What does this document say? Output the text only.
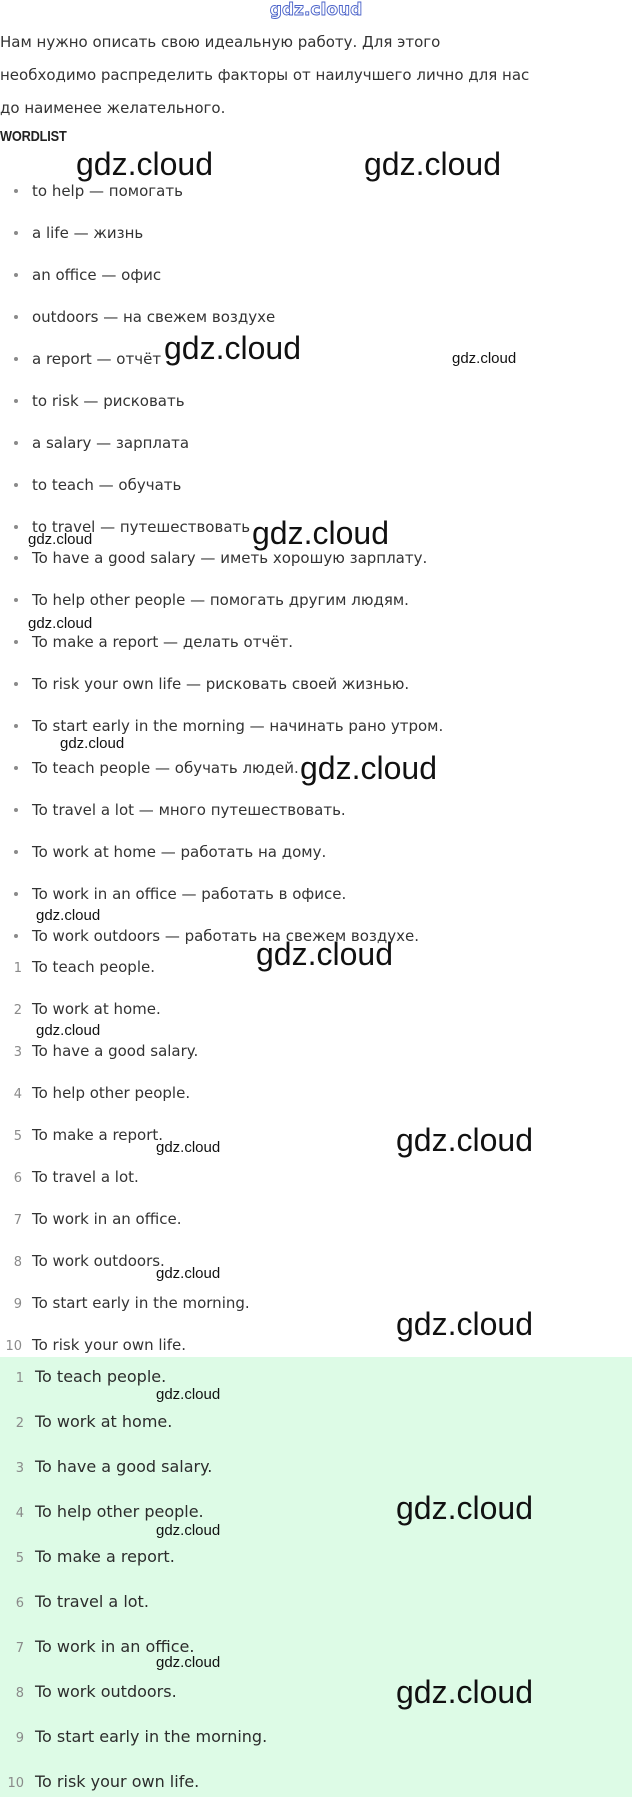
gdz.cloud

Нам нужно описать свою идеальную работу. Для этого необходимо распределить факторы от наилучшего лично для нас до наименее желательного.

WORDLIST
to help — помогать
a life — жизнь
an office — офис
outdoors — на свежем воздухе
a report — отчёт
to risk — рисковать
a salary — зарплата
to teach — обучать
to travel — путешествовать
To have a good salary — иметь хорошую зарплату.
To help other people — помогать другим людям.
To make a report — делать отчёт.
To risk your own life — рисковать своей жизнью.
To start early in the morning — начинать рано утром.
To teach people — обучать людей.
To travel a lot — много путешествовать.
To work at home — работать на дому.
To work in an office — работать в офисе.
To work outdoors — работать на свежем воздухе.
1 To teach people.
2 To work at home.
3 To have a good salary.
4 To help other people.
5 To make a report.
6 To travel a lot.
7 To work in an office.
8 To work outdoors.
9 To start early in the morning.
10 To risk your own life.
1 To teach people.
2 To work at home.
3 To have a good salary.
4 To help other people.
5 To make a report.
6 To travel a lot.
7 To work in an office.
8 To work outdoors.
9 To start early in the morning.
10 To risk your own life.
gdz.cloud	gdz.cloud
gdz.cloud	gdz.cloud
gdz.cloud	gdz.cloud
gdz.cloud
gdz.cloud
gdz.cloud
gdz.cloud
gdz.cloud
gdz.cloud
gdz.cloud
gdz.cloud
gdz.cloud
gdz.cloud
gdz.cloud
gdz.cloud
gdz.cloud
gdz.cloud
gdz.cloud
